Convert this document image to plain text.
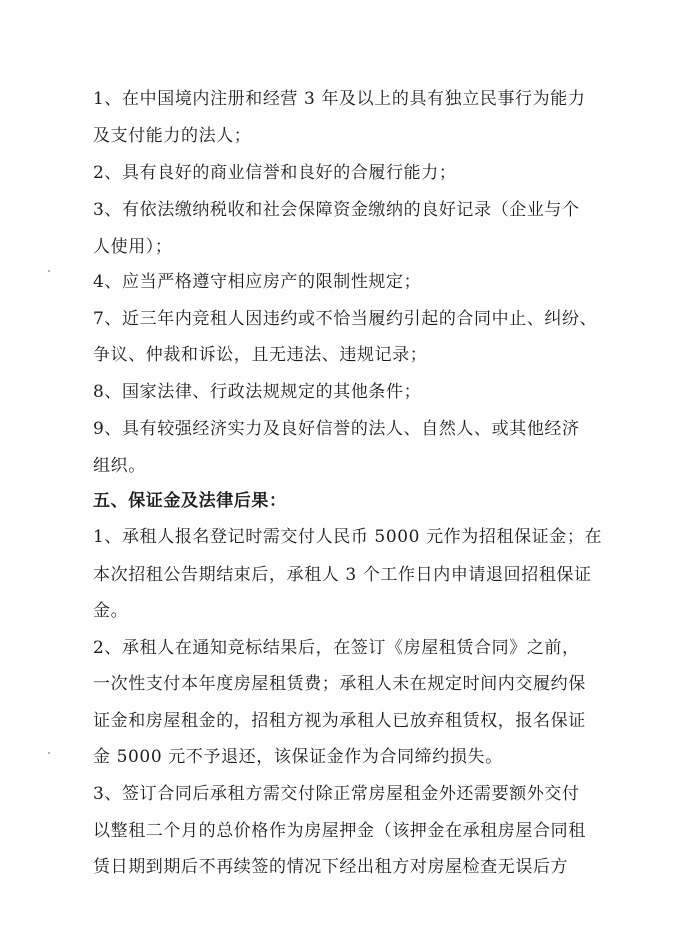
1、在中国境内注册和经营 3 年及以上的具有独立民事行为能力
及支付能力的法人；
2、具有良好的商业信誉和良好的合履行能力；
3、有依法缴纳税收和社会保障资金缴纳的良好记录（企业与个
人使用）；
4、应当严格遵守相应房产的限制性规定；
7、近三年内竞租人因违约或不恰当履约引起的合同中止、纠纷、
争议、仲裁和诉讼，且无违法、违规记录；
8、国家法律、行政法规规定的其他条件；
9、具有较强经济实力及良好信誉的法人、自然人、或其他经济
组织。
五、保证金及法律后果：
1、承租人报名登记时需交付人民币 5000 元作为招租保证金；在
本次招租公告期结束后，承租人 3 个工作日内申请退回招租保证
金。
2、承租人在通知竞标结果后，在签订《房屋租赁合同》之前，
一次性支付本年度房屋租赁费；承租人未在规定时间内交履约保
证金和房屋租金的，招租方视为承租人已放弃租赁权，报名保证
金 5000 元不予退还，该保证金作为合同缔约损失。
3、签订合同后承租方需交付除正常房屋租金外还需要额外交付
以整租二个月的总价格作为房屋押金（该押金在承租房屋合同租
赁日期到期后不再续签的情况下经出租方对房屋检查无误后方
